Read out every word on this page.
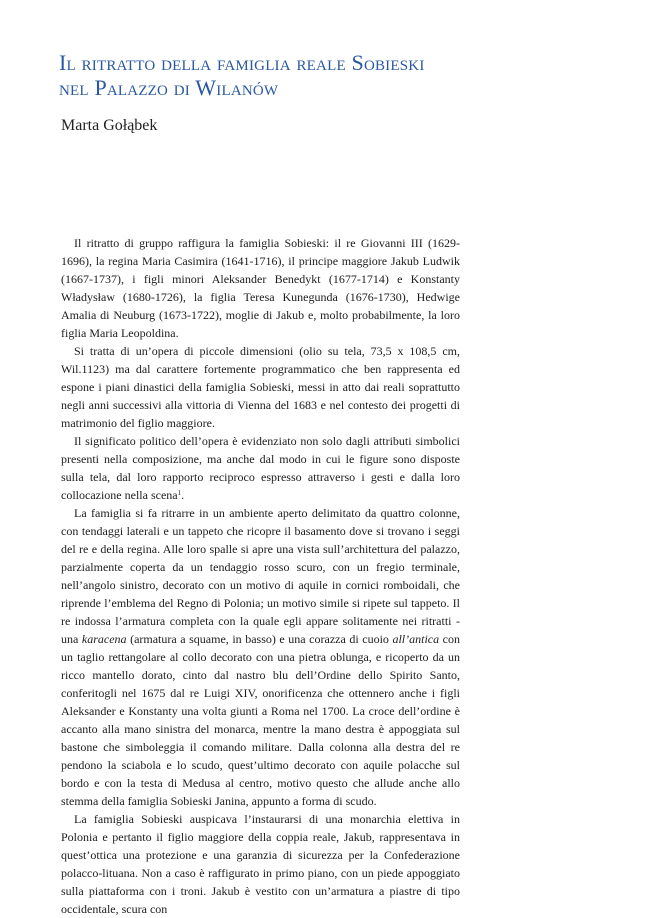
Il ritratto della famiglia reale Sobieski
nel Palazzo di Wilanów
Marta Gołąbek

Il ritratto di gruppo raffigura la famiglia Sobieski: il re Giovanni III (1629-1696), la regina Maria Casimira (1641-1716), il principe maggiore Jakub Ludwik (1667-1737), i figli minori Aleksander Benedykt (1677-1714) e Konstanty Władysław (1680-1726), la figlia Teresa Kunegunda (1676-1730), Hedwige Amalia di Neuburg (1673-1722), moglie di Jakub e, molto probabilmente, la loro figlia Maria Leopoldina.

Si tratta di un’opera di piccole dimensioni (olio su tela, 73,5 x 108,5 cm, Wil.1123) ma dal carattere fortemente programmatico che ben rappresenta ed espone i piani dinastici della famiglia Sobieski, messi in atto dai reali soprattutto negli anni successivi alla vittoria di Vienna del 1683 e nel contesto dei progetti di matrimonio del figlio maggiore.

Il significato politico dell’opera è evidenziato non solo dagli attributi simbolici presenti nella composizione, ma anche dal modo in cui le figure sono disposte sulla tela, dal loro rapporto reciproco espresso attraverso i gesti e dalla loro collocazione nella scena$^1$.

La famiglia si fa ritrarre in un ambiente aperto delimitato da quattro colonne, con tendaggi laterali e un tappeto che ricopre il basamento dove si trovano i seggi del re e della regina. Alle loro spalle si apre una vista sull’architettura del palazzo, parzialmente coperta da un tendaggio rosso scuro, con un fregio terminale, nell’angolo sinistro, decorato con un motivo di aquile in cornici romboidali, che riprende l’emblema del Regno di Polonia; un motivo simile si ripete sul tappeto. Il re indossa l’armatura completa con la quale egli appare solitamente nei ritratti - una karacena (armatura a squame, in basso) e una corazza di cuoio all’antica con un taglio rettangolare al collo decorato con una pietra oblunga, e ricoperto da un ricco mantello dorato, cinto dal nastro blu dell’Ordine dello Spirito Santo, conferitogli nel 1675 dal re Luigi XIV, onorificenza che ottennero anche i figli Aleksander e Konstanty una volta giunti a Roma nel 1700. La croce dell’ordine è accanto alla mano sinistra del monarca, mentre la mano destra è appoggiata sul bastone che simboleggia il comando militare. Dalla colonna alla destra del re pendono la sciabola e lo scudo, quest’ultimo decorato con aquile polacche sul bordo e con la testa di Medusa al centro, motivo questo che allude anche allo stemma della famiglia Sobieski Janina, appunto a forma di scudo.

La famiglia Sobieski auspicava l’instaurarsi di una monarchia elettiva in Polonia e pertanto il figlio maggiore della coppia reale, Jakub, rappresentava in quest’ottica una protezione e una garanzia di sicurezza per la Confederazione polacco-lituana. Non a caso è raffigurato in primo piano, con un piede appoggiato sulla piattaforma con i troni. Jakub è vestito con un’armatura a piastre di tipo occidentale, scura con
